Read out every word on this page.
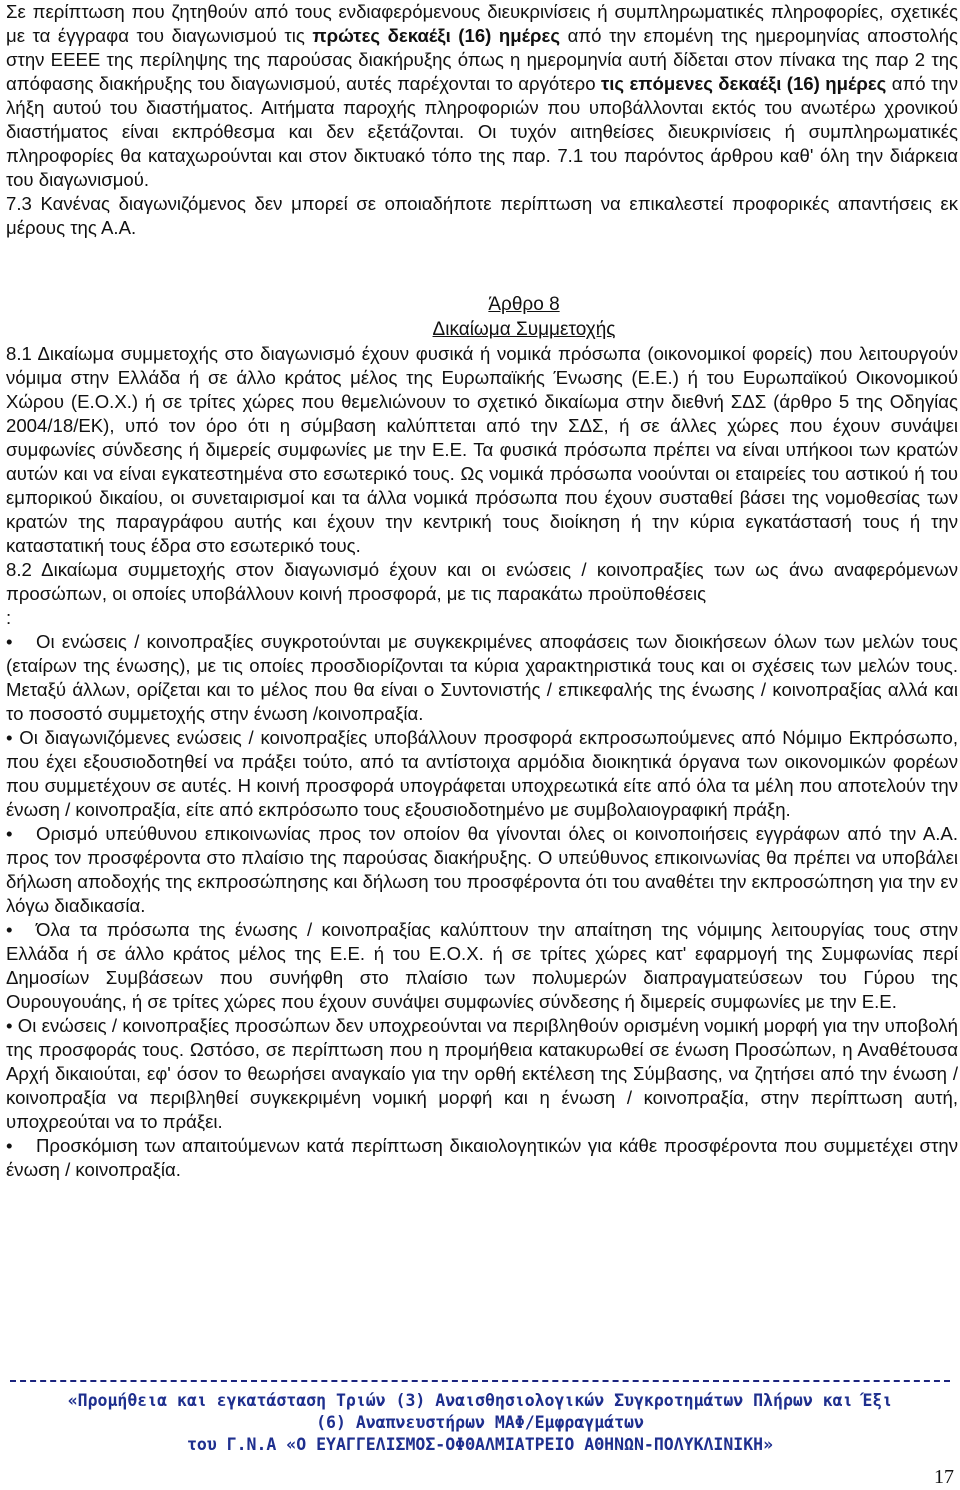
Σε περίπτωση που ζητηθούν από τους ενδιαφερόμενους διευκρινίσεις ή συμπληρωματικές πληροφορίες, σχετικές με τα έγγραφα του διαγωνισμού τις πρώτες δεκαέξι (16) ημέρες από την επομένη της ημερομηνίας αποστολής στην ΕΕΕΕ της περίληψης της παρούσας διακήρυξης όπως η ημερομηνία αυτή δίδεται στον πίνακα της παρ 2 της απόφασης διακήρυξης του διαγωνισμού, αυτές παρέχονται το αργότερο τις επόμενες δεκαέξι (16) ημέρες από την λήξη αυτού του διαστήματος. Αιτήματα παροχής πληροφοριών που υποβάλλονται εκτός του ανωτέρω χρονικού διαστήματος είναι εκπρόθεσμα και δεν εξετάζονται. Οι τυχόν αιτηθείσες διευκρινίσεις ή συμπληρωματικές πληροφορίες θα καταχωρούνται και στον δικτυακό τόπο της παρ. 7.1 του παρόντος άρθρου καθ' όλη την διάρκεια του διαγωνισμού.

7.3 Κανένας διαγωνιζόμενος δεν μπορεί σε οποιαδήποτε περίπτωση να επικαλεστεί προφορικές απαντήσεις εκ μέρους της Α.Α.

Άρθρο 8

Δικαίωμα Συμμετοχής

8.1 Δικαίωμα συμμετοχής στο διαγωνισμό έχουν φυσικά ή νομικά πρόσωπα (οικονομικοί φορείς) που λειτουργούν νόμιμα στην Ελλάδα ή σε άλλο κράτος μέλος της Ευρωπαϊκής Ένωσης (Ε.Ε.) ή του Ευρωπαϊκού Οικονομικού Χώρου (Ε.Ο.Χ.) ή σε τρίτες χώρες που θεμελιώνουν το σχετικό δικαίωμα στην διεθνή ΣΔΣ (άρθρο 5 της Οδηγίας 2004/18/ΕΚ), υπό τον όρο ότι η σύμβαση καλύπτεται από την ΣΔΣ, ή σε άλλες χώρες που έχουν συνάψει συμφωνίες σύνδεσης ή διμερείς συμφωνίες με την Ε.Ε. Τα φυσικά πρόσωπα πρέπει να είναι υπήκοοι των κρατών αυτών και να είναι εγκατεστημένα στο εσωτερικό τους. Ως νομικά πρόσωπα νοούνται οι εταιρείες του αστικού ή του εμπορικού δικαίου, οι συνεταιρισμοί και τα άλλα νομικά πρόσωπα που έχουν συσταθεί βάσει της νομοθεσίας των κρατών της παραγράφου αυτής και έχουν την κεντρική τους διοίκηση ή την κύρια εγκατάστασή τους ή την καταστατική τους έδρα στο εσωτερικό τους.

8.2 Δικαίωμα συμμετοχής στον διαγωνισμό έχουν και οι ενώσεις / κοινοπραξίες των ως άνω αναφερόμενων προσώπων, οι οποίες υποβάλλουν κοινή προσφορά, με τις παρακάτω προϋποθέσεις

:

• Οι ενώσεις / κοινοπραξίες συγκροτούνται με συγκεκριμένες αποφάσεις των διοικήσεων όλων των μελών τους (εταίρων της ένωσης), με τις οποίες προσδιορίζονται τα κύρια χαρακτηριστικά τους και οι σχέσεις των μελών τους. Μεταξύ άλλων, ορίζεται και το μέλος που θα είναι ο Συντονιστής / επικεφαλής της ένωσης / κοινοπραξίας αλλά και το ποσοστό συμμετοχής στην ένωση /κοινοπραξία.

• Οι διαγωνιζόμενες ενώσεις / κοινοπραξίες υποβάλλουν προσφορά εκπροσωπούμενες από Νόμιμο Εκπρόσωπο, που έχει εξουσιοδοτηθεί να πράξει τούτο, από τα αντίστοιχα αρμόδια διοικητικά όργανα των οικονομικών φορέων που συμμετέχουν σε αυτές. Η κοινή προσφορά υπογράφεται υποχρεωτικά είτε από όλα τα μέλη που αποτελούν την ένωση / κοινοπραξία, είτε από εκπρόσωπο τους εξουσιοδοτημένο με συμβολαιογραφική πράξη.

• Ορισμό υπεύθυνου επικοινωνίας προς τον οποίον θα γίνονται όλες οι κοινοποιήσεις εγγράφων από την Α.Α. προς τον προσφέροντα στο πλαίσιο της παρούσας διακήρυξης. Ο υπεύθυνος επικοινωνίας θα πρέπει να υποβάλει δήλωση αποδοχής της εκπροσώπησης και δήλωση του προσφέροντα ότι του αναθέτει την εκπροσώπηση για την εν λόγω διαδικασία.

• Όλα τα πρόσωπα της ένωσης / κοινοπραξίας καλύπτουν την απαίτηση της νόμιμης λειτουργίας τους στην Ελλάδα ή σε άλλο κράτος μέλος της Ε.Ε. ή του Ε.Ο.Χ. ή σε τρίτες χώρες κατ' εφαρμογή της Συμφωνίας περί Δημοσίων Συμβάσεων που συνήφθη στο πλαίσιο των πολυμερών διαπραγματεύσεων του Γύρου της Ουρουγουάης, ή σε τρίτες χώρες που έχουν συνάψει συμφωνίες σύνδεσης ή διμερείς συμφωνίες με την Ε.Ε.

• Οι ενώσεις / κοινοπραξίες προσώπων δεν υποχρεούνται να περιβληθούν ορισμένη νομική μορφή για την υποβολή της προσφοράς τους. Ωστόσο, σε περίπτωση που η προμήθεια κατακυρωθεί σε ένωση Προσώπων, η Αναθέτουσα Αρχή δικαιούται, εφ' όσον το θεωρήσει αναγκαίο για την ορθή εκτέλεση της Σύμβασης, να ζητήσει από την ένωση / κοινοπραξία να περιβληθεί συγκεκριμένη νομική μορφή και η ένωση / κοινοπραξία, στην περίπτωση αυτή, υποχρεούται να το πράξει.

• Προσκόμιση των απαιτούμενων κατά περίπτωση δικαιολογητικών για κάθε προσφέροντα που συμμετέχει στην ένωση / κοινοπραξία.

«Προμήθεια και εγκατάσταση Τριών (3) Αναισθησιολογικών Συγκροτημάτων Πλήρων και Έξι
(6) Αναπνευστήρων ΜΑΦ/Εμφραγμάτων
του Γ.Ν.Α «Ο ΕΥΑΓΓΕΛΙΣΜΟΣ-ΟΦΘΑΛΜΙΑΤΡΕΙΟ ΑΘΗΝΩΝ-ΠΟΛΥΚΛΙΝΙΚΗ»
17
